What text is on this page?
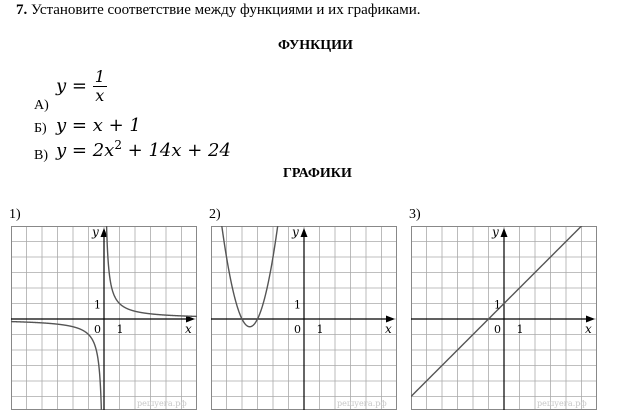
7. Установите соответствие между функциями и их графиками.
ФУНКЦИИ
А)
$y = \frac{1}{x}$
Б) y = x + 1
В) $y = 2x^2 + 14x + 24$
ГРАФИКИ
1)	2)	3)
y
x
0 1
1
решуега.рф
y
x
0 1
1
решуега.рф
y
x
0 1
1
решуега.рф
